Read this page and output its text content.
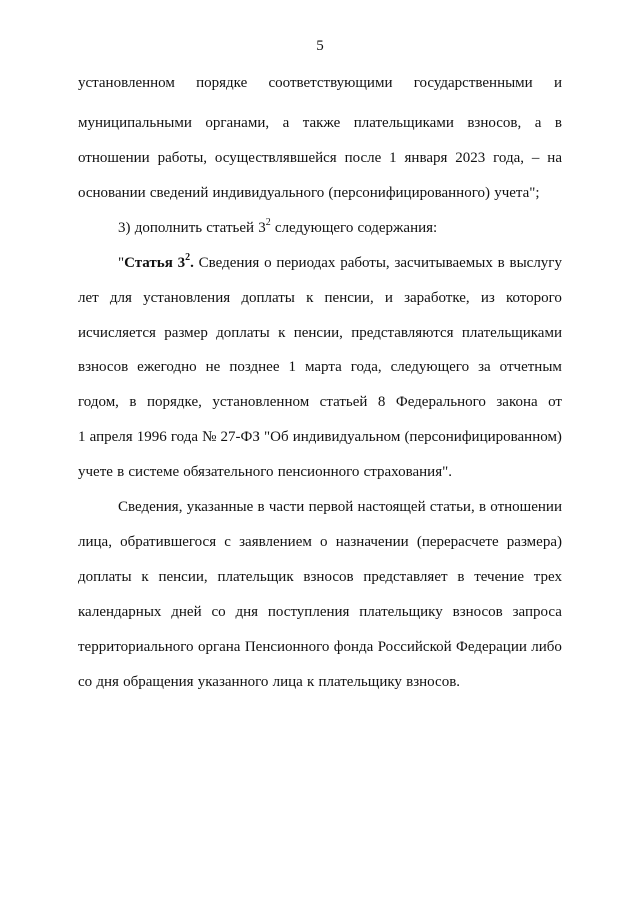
5
установленном порядке соответствующими государственными и
муниципальными органами, а также плательщиками взносов, а в
отношении работы, осуществлявшейся после 1 января 2023 года, – на
основании сведений индивидуального (персонифицированного) учета";
3) дополнить статьей $3^2$ следующего содержания:
"Статья $3^2$. Сведения о периодах работы, засчитываемых в выслугу
лет для установления доплаты к пенсии, и заработке, из которого
исчисляется размер доплаты к пенсии, представляются плательщиками
взносов ежегодно не позднее 1 марта года, следующего за отчетным
годом, в порядке, установленном статьей 8 Федерального закона от
1 апреля 1996 года № 27-ФЗ "Об индивидуальном (персонифицированном)
учете в системе обязательного пенсионного страхования".
Сведения, указанные в части первой настоящей статьи, в отношении
лица, обратившегося с заявлением о назначении (перерасчете размера)
доплаты к пенсии, плательщик взносов представляет в течение трех
календарных дней со дня поступления плательщику взносов запроса
территориального органа Пенсионного фонда Российской Федерации либо
со дня обращения указанного лица к плательщику взносов.
